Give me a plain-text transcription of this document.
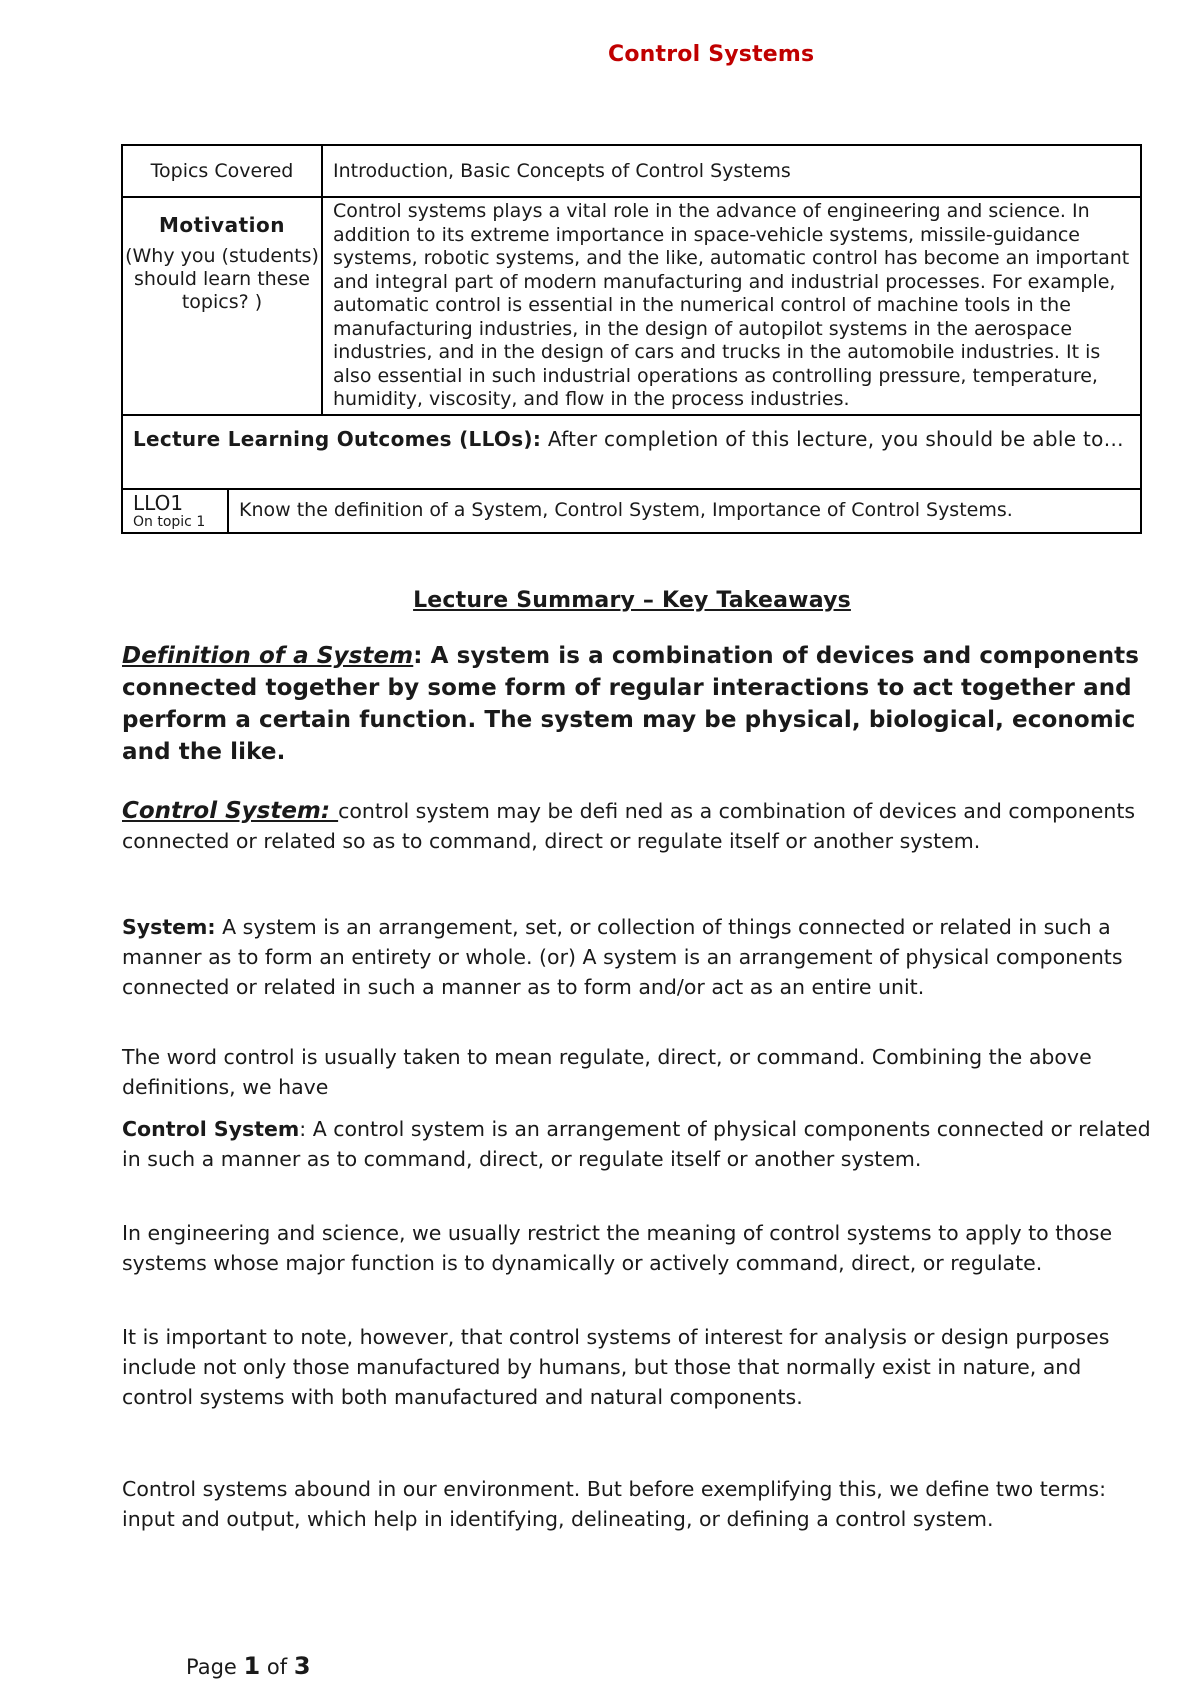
Control Systems
Topics Covered	Introduction, Basic Concepts of Control Systems

Motivation
(Why you (students) should learn these topics? )
	Control systems plays a vital role in the advance of engineering and science. In addition to its extreme importance in space-vehicle systems, missile-guidance systems, robotic systems, and the like, automatic control has become an important and integral part of modern manufacturing and industrial processes. For example, automatic control is essential in the numerical control of machine tools in the manufacturing industries, in the design of autopilot systems in the aerospace industries, and in the design of cars and trucks in the automobile industries. It is also essential in such industrial operations as controlling pressure, temperature, humidity, viscosity, and flow in the process industries.
Lecture Learning Outcomes (LLOs): After completion of this lecture, you should be able to…

LLO1
On topic 1
	Know the definition of a System, Control System, Importance of Control Systems.
Lecture Summary – Key Takeaways
Definition of a System: A system is a combination of devices and components connected together by some form of regular interactions to act together and perform a certain function. The system may be physical, biological, economic and the like.
Control System: control system may be defi ned as a combination of devices and components connected or related so as to command, direct or regulate itself or another system.

System: A system is an arrangement, set, or collection of things connected or related in such a manner as to form an entirety or whole. (or) A system is an arrangement of physical components connected or related in such a manner as to form and/or act as an entire unit.

The word control is usually taken to mean regulate, direct, or command. Combining the above definitions, we have

Control System: A control system is an arrangement of physical components connected or related in such a manner as to command, direct, or regulate itself or another system.

In engineering and science, we usually restrict the meaning of control systems to apply to those systems whose major function is to dynamically or actively command, direct, or regulate.

It is important to note, however, that control systems of interest for analysis or design purposes include not only those manufactured by humans, but those that normally exist in nature, and control systems with both manufactured and natural components.

Control systems abound in our environment. But before exemplifying this, we define two terms: input and output, which help in identifying, delineating, or defining a control system.

Page 1 of 3
